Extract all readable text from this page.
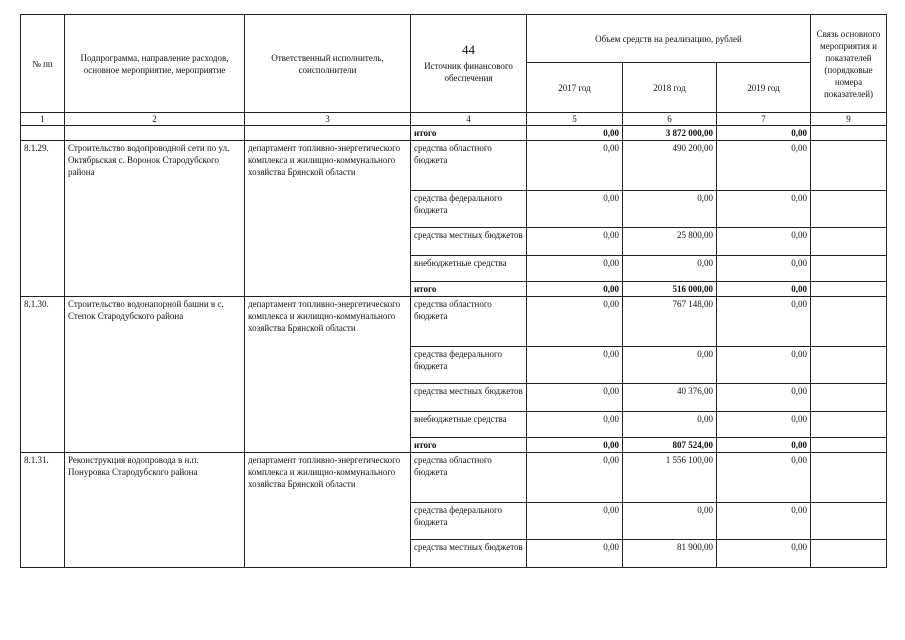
№ пп	Подпрограмма, направление расходов, основное мероприятие, мероприятие	Ответственный исполнитель, соисполнители	44
Источник финансового обеспечения	Объем средств на реализацию, рублей			Связь основного мероприятия и показателей (порядковые номера показателей)
				2017 год	2018 год	2019 год	
1	2	3	4	5	6	7	9
			итого	0,00	3 872 000,00	0,00	
8.1.29.	Строительство водопроводной сети по ул. Октябрьская с. Воронок Стародубского района	департамент топливно-энергетического комплекса и жилищно-коммунального хозяйства Брянской области	средства областного бюджета	0,00	490 200,00	0,00	
			средства федерального бюджета	0,00	0,00	0,00	
			средства местных бюджетов	0,00	25 800,00	0,00	
			внебюджетные средства	0,00	0,00	0,00	
			итого	0,00	516 000,00	0,00	
8.1.30.	Строительство водонапорной башни в с. Степок Стародубского района	департамент топливно-энергетического комплекса и жилищно-коммунального хозяйства Брянской области	средства областного бюджета	0,00	767 148,00	0,00	
			средства федерального бюджета	0,00	0,00	0,00	
			средства местных бюджетов	0,00	40 376,00	0,00	
			внебюджетные средства	0,00	0,00	0,00	
			итого	0,00	807 524,00	0,00	
8.1.31.	Реконструкция водопровода в н.п. Понуровка Стародубского района	департамент топливно-энергетического комплекса и жилищно-коммунального хозяйства Брянской области	средства областного бюджета	0,00	1 556 100,00	0,00	
			средства федерального бюджета	0,00	0,00	0,00	
			средства местных бюджетов	0,00	81 900,00	0,00	
